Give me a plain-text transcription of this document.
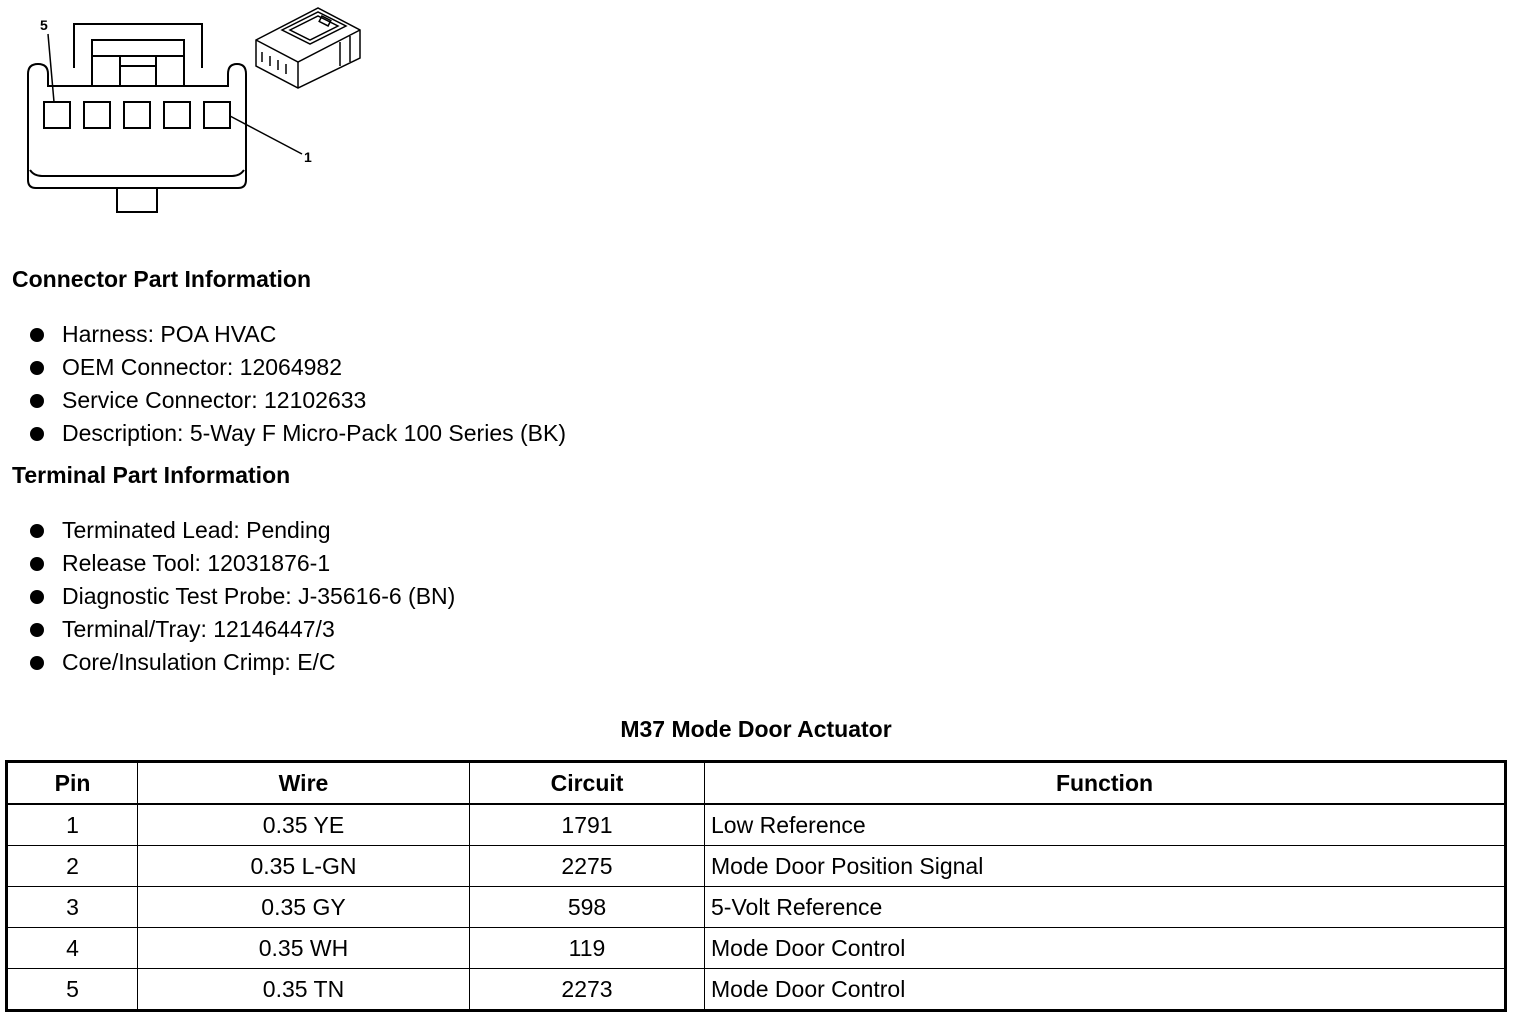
5
1
Connector Part Information
Harness: POA HVAC
OEM Connector: 12064982
Service Connector: 12102633
Description: 5-Way F Micro-Pack 100 Series (BK)
Terminal Part Information
Terminated Lead: Pending
Release Tool: 12031876-1
Diagnostic Test Probe: J-35616-6 (BN)
Terminal/Tray: 12146447/3
Core/Insulation Crimp: E/C
M37 Mode Door Actuator
Pin	Wire	Circuit	Function
1	0.35 YE	1791	Low Reference
2	0.35 L-GN	2275	Mode Door Position Signal
3	0.35 GY	598	5-Volt Reference
4	0.35 WH	119	Mode Door Control
5	0.35 TN	2273	Mode Door Control
